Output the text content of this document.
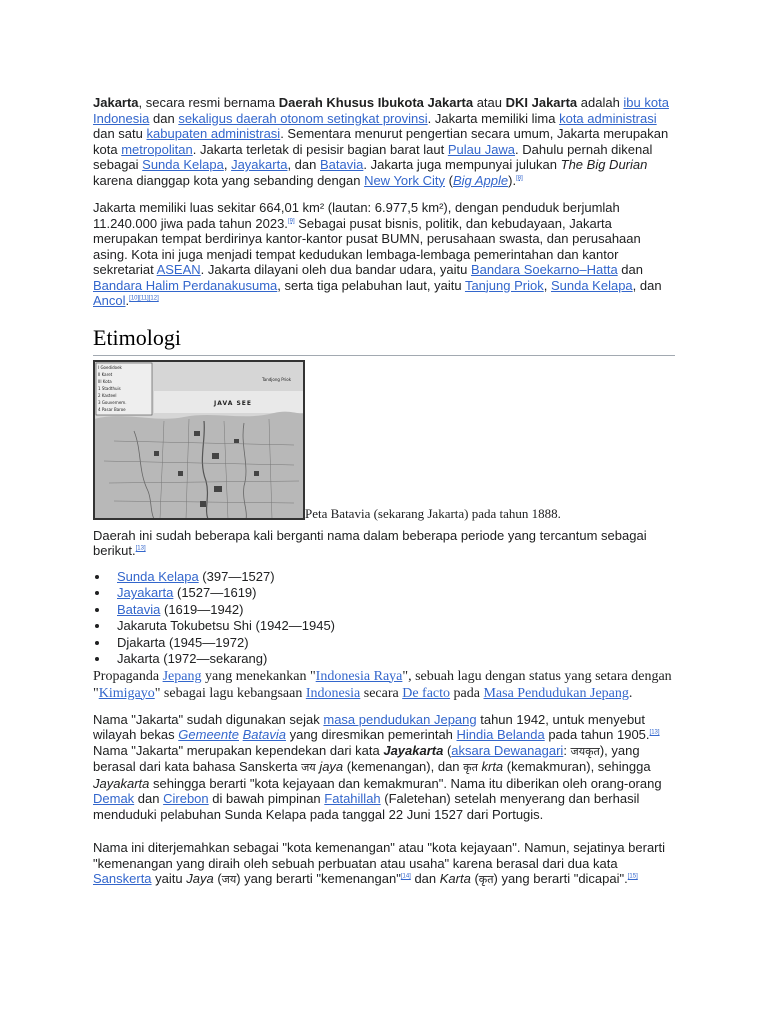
Jakarta, secara resmi bernama Daerah Khusus Ibukota Jakarta atau DKI Jakarta adalah ibu kota Indonesia dan sekaligus daerah otonom setingkat provinsi. Jakarta memiliki lima kota administrasi dan satu kabupaten administrasi. Sementara menurut pengertian secara umum, Jakarta merupakan kota metropolitan. Jakarta terletak di pesisir bagian barat laut Pulau Jawa. Dahulu pernah dikenal sebagai Sunda Kelapa, Jayakarta, dan Batavia. Jakarta juga mempunyai julukan The Big Durian karena dianggap kota yang sebanding dengan New York City (Big Apple).[8]

Jakarta memiliki luas sekitar 664,01 km² (lautan: 6.977,5 km²), dengan penduduk berjumlah 11.240.000 jiwa pada tahun 2023.[9] Sebagai pusat bisnis, politik, dan kebudayaan, Jakarta merupakan tempat berdirinya kantor-kantor pusat BUMN, perusahaan swasta, dan perusahaan asing. Kota ini juga menjadi tempat kedudukan lembaga-lembaga pemerintahan dan kantor sekretariat ASEAN. Jakarta dilayani oleh dua bandar udara, yaitu Bandara Soekarno–Hatta dan Bandara Halim Perdanakusuma, serta tiga pelabuhan laut, yaitu Tanjung Priok, Sunda Kelapa, dan Ancol.[10][11][12]

Etimologi
I Goedidoek
II Karet
III Kota
1 Stadthuis
2 Kasteel
3 Gouvernem.
4 Pasar Baroe
JAVA SEE
Tandjong Priok
Peta Batavia (sekarang Jakarta) pada tahun 1888.

Daerah ini sudah beberapa kali berganti nama dalam beberapa periode yang tercantum sebagai berikut.[13]

Sunda Kelapa (397—1527)
Jayakarta (1527—1619)
Batavia (1619—1942)
Jakaruta Tokubetsu Shi (1942—1945)
Djakarta (1945—1972)
Jakarta (1972—sekarang)

Propaganda Jepang yang menekankan "Indonesia Raya", sebuah lagu dengan status yang setara dengan "Kimigayo" sebagai lagu kebangsaan Indonesia secara De facto pada Masa Pendudukan Jepang.

Nama "Jakarta" sudah digunakan sejak masa pendudukan Jepang tahun 1942, untuk menyebut wilayah bekas Gemeente Batavia yang diresmikan pemerintah Hindia Belanda pada tahun 1905.[13] Nama "Jakarta" merupakan kependekan dari kata Jayakarta (aksara Dewanagari: जयकृत), yang berasal dari kata bahasa Sanskerta जय jaya (kemenangan), dan कृत krta (kemakmuran), sehingga Jayakarta sehingga berarti "kota kejayaan dan kemakmuran". Nama itu diberikan oleh orang-orang Demak dan Cirebon di bawah pimpinan Fatahillah (Faletehan) setelah menyerang dan berhasil menduduki pelabuhan Sunda Kelapa pada tanggal 22 Juni 1527 dari Portugis.

Nama ini diterjemahkan sebagai "kota kemenangan" atau "kota kejayaan". Namun, sejatinya berarti "kemenangan yang diraih oleh sebuah perbuatan atau usaha" karena berasal dari dua kata Sanskerta yaitu Jaya (जय) yang berarti "kemenangan"[14] dan Karta (कृत) yang berarti "dicapai".[15]
